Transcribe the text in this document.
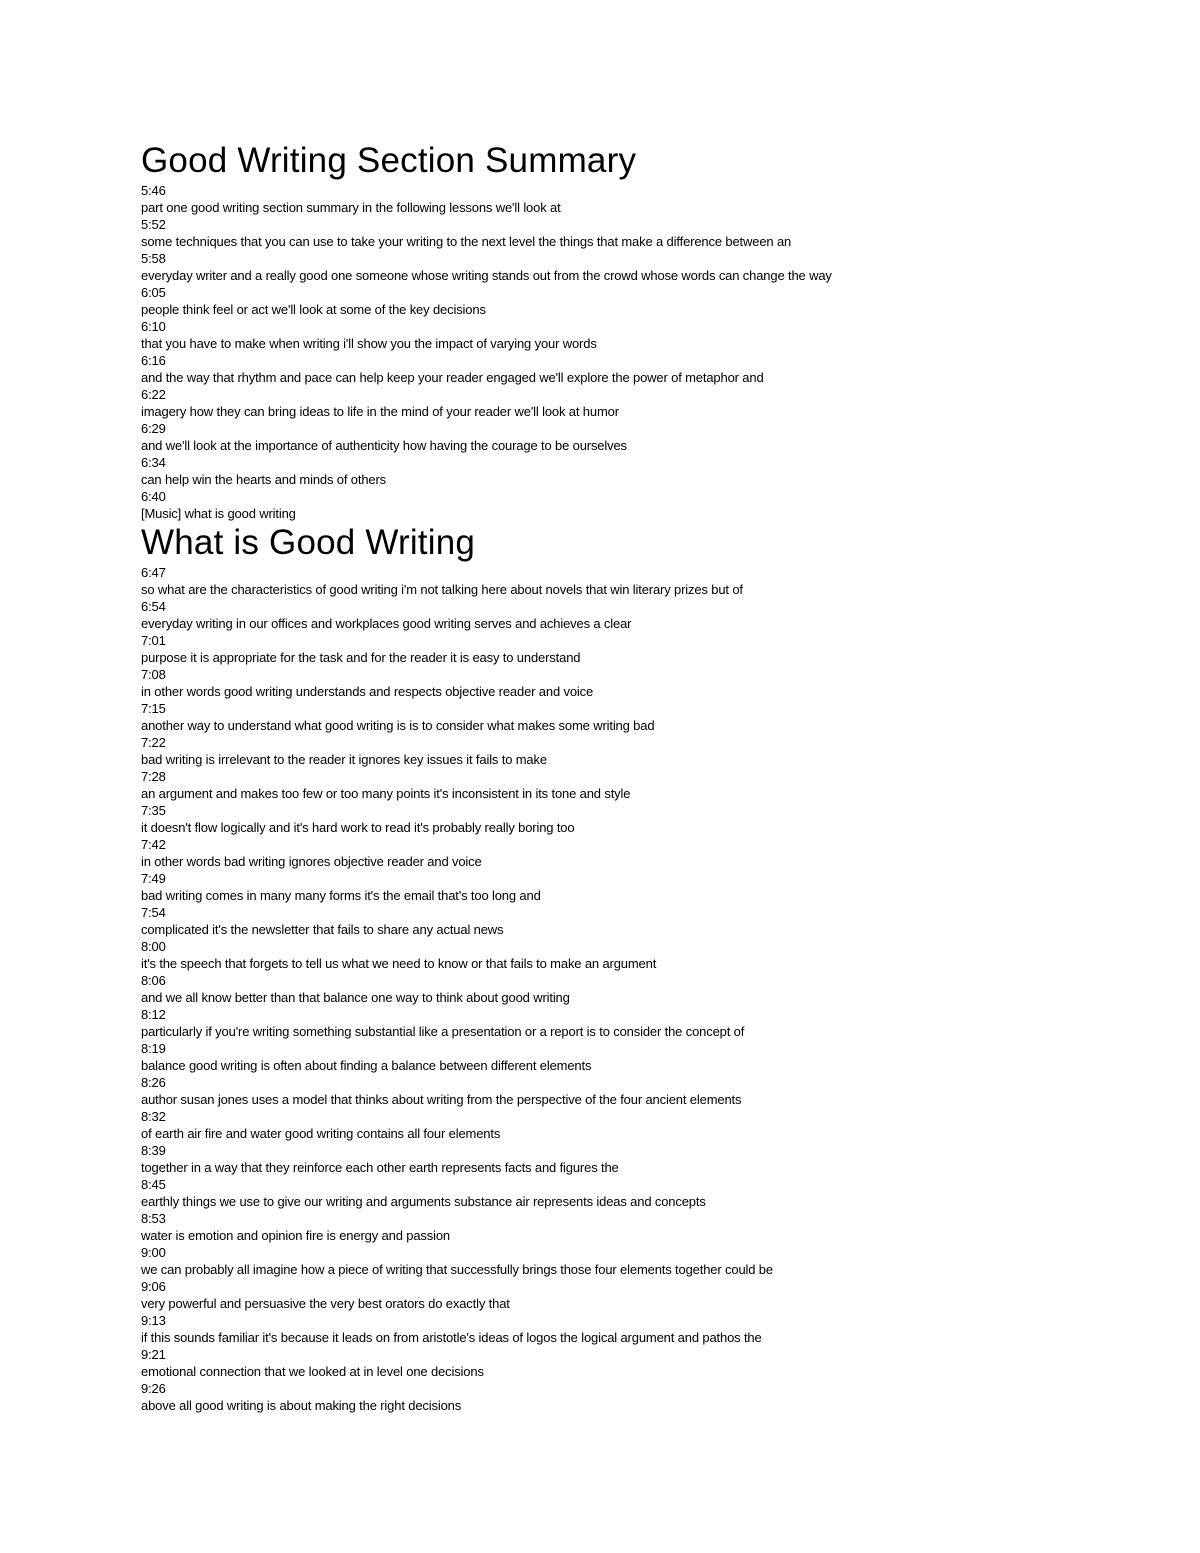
Good Writing Section Summary
5:46
part one good writing section summary in the following lessons we'll look at
5:52
some techniques that you can use to take your writing to the next level the things that make a difference between an
5:58
everyday writer and a really good one someone whose writing stands out from the crowd whose words can change the way
6:05
people think feel or act we'll look at some of the key decisions
6:10
that you have to make when writing i'll show you the impact of varying your words
6:16
and the way that rhythm and pace can help keep your reader engaged we'll explore the power of metaphor and
6:22
imagery how they can bring ideas to life in the mind of your reader we'll look at humor
6:29
and we'll look at the importance of authenticity how having the courage to be ourselves
6:34
can help win the hearts and minds of others
6:40
[Music] what is good writing
What is Good Writing
6:47
so what are the characteristics of good writing i'm not talking here about novels that win literary prizes but of
6:54
everyday writing in our offices and workplaces good writing serves and achieves a clear
7:01
purpose it is appropriate for the task and for the reader it is easy to understand
7:08
in other words good writing understands and respects objective reader and voice
7:15
another way to understand what good writing is is to consider what makes some writing bad
7:22
bad writing is irrelevant to the reader it ignores key issues it fails to make
7:28
an argument and makes too few or too many points it's inconsistent in its tone and style
7:35
it doesn't flow logically and it's hard work to read it's probably really boring too
7:42
in other words bad writing ignores objective reader and voice
7:49
bad writing comes in many many forms it's the email that's too long and
7:54
complicated it's the newsletter that fails to share any actual news
8:00
it's the speech that forgets to tell us what we need to know or that fails to make an argument
8:06
and we all know better than that balance one way to think about good writing
8:12
particularly if you're writing something substantial like a presentation or a report is to consider the concept of
8:19
balance good writing is often about finding a balance between different elements
8:26
author susan jones uses a model that thinks about writing from the perspective of the four ancient elements
8:32
of earth air fire and water good writing contains all four elements
8:39
together in a way that they reinforce each other earth represents facts and figures the
8:45
earthly things we use to give our writing and arguments substance air represents ideas and concepts
8:53
water is emotion and opinion fire is energy and passion
9:00
we can probably all imagine how a piece of writing that successfully brings those four elements together could be
9:06
very powerful and persuasive the very best orators do exactly that
9:13
if this sounds familiar it's because it leads on from aristotle's ideas of logos the logical argument and pathos the
9:21
emotional connection that we looked at in level one decisions
9:26
above all good writing is about making the right decisions
